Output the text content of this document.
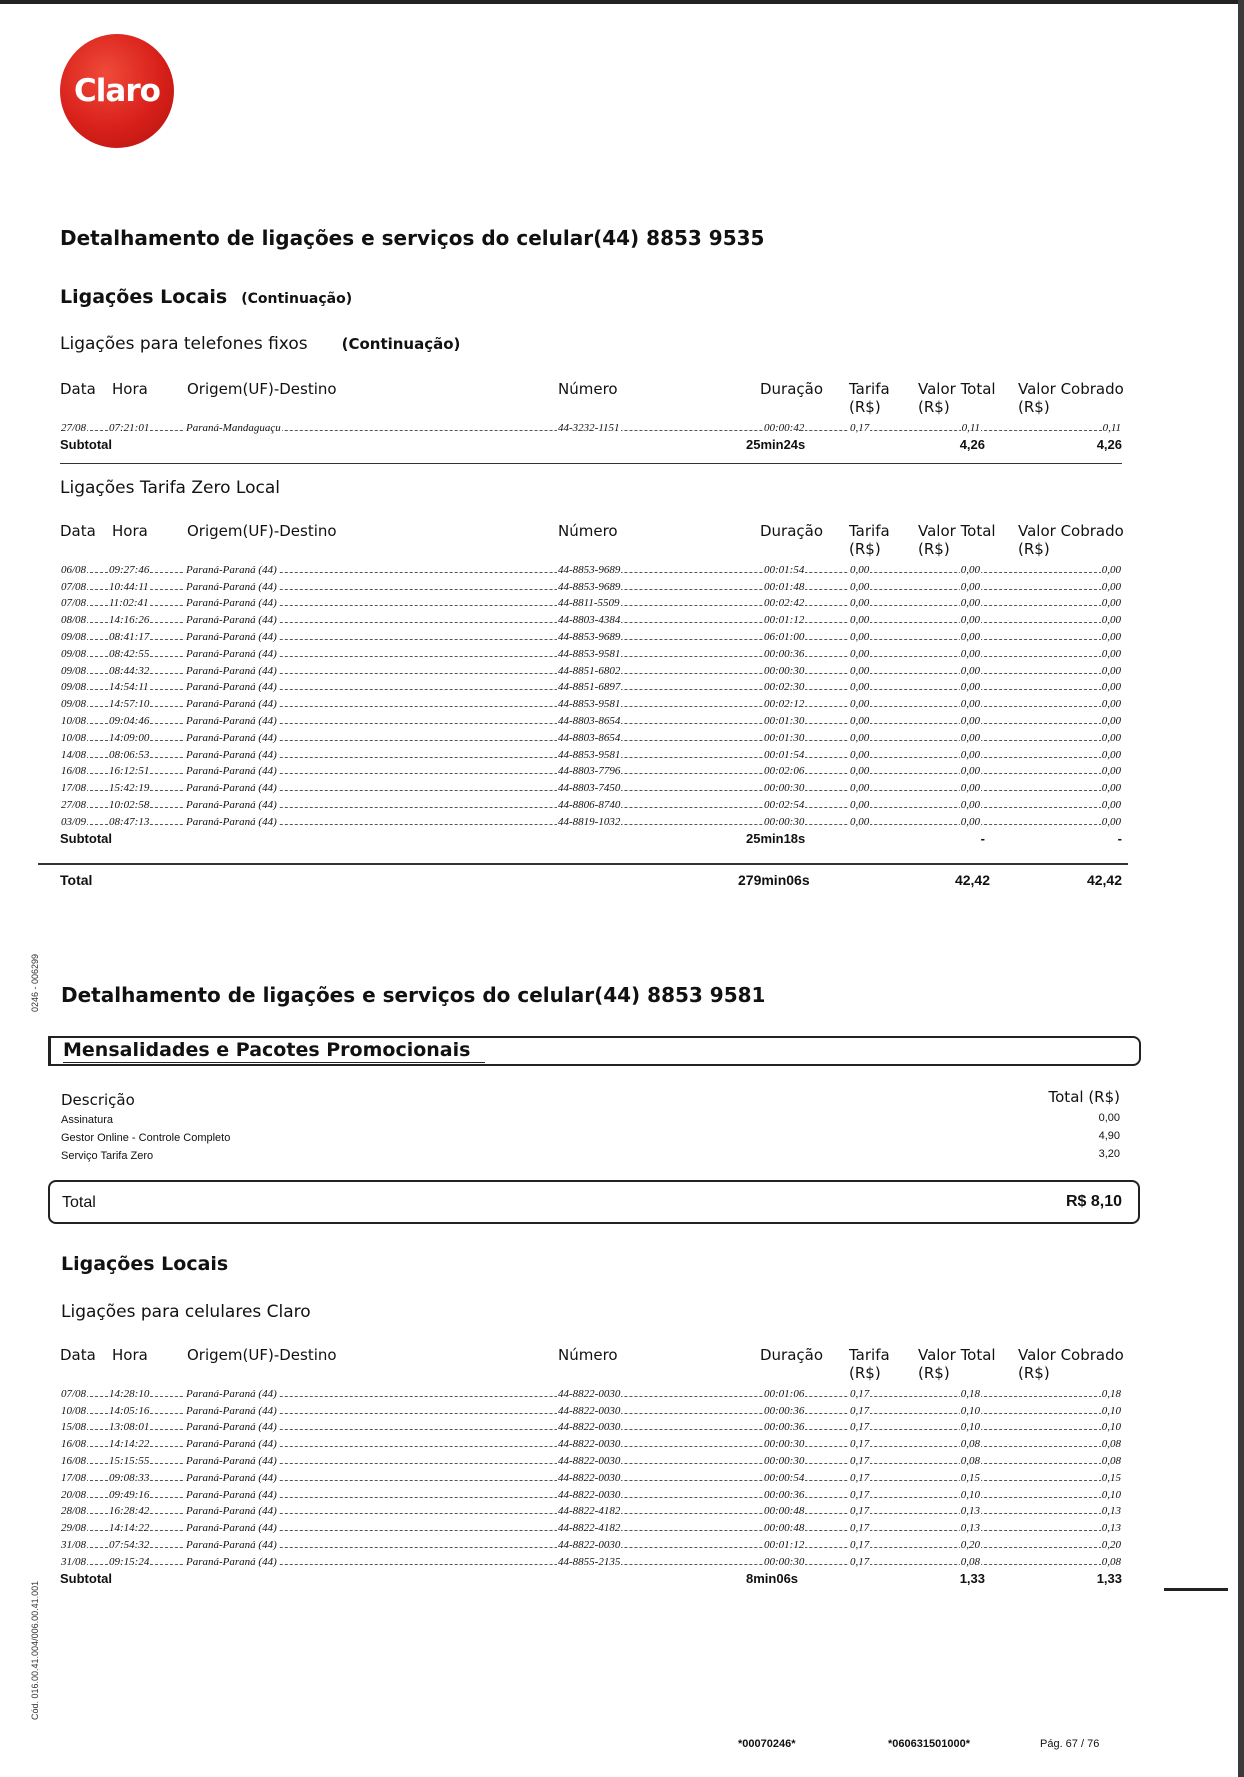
Claro
Detalhamento de ligações e serviços do celular(44) 8853 9535
Ligações Locais (Continuação)
Ligações para telefones fixos (Continuação)
Data Hora	Origem(UF)-Destino	Número	Duração Tarifa (R$)
Valor Total (R$)
Valor Cobrado (R$)
27/08 07:21:01	Paraná-Mandaguaçu	44-3232-1151	00:00:42	0,17	0,11	0,11
Subtotal	25min24s	4,26	4,26
Ligações Tarifa Zero Local
Data Hora	Origem(UF)-Destino	Número	Duração Tarifa (R$)
Valor Total (R$)
Valor Cobrado (R$)
06/08 09:27:46	Paraná-Paraná (44)	44-8853-9689	00:01:54	0,00	0,00	0,00
07/08 10:44:11	Paraná-Paraná (44)	44-8853-9689	00:01:48	0,00	0,00	0,00
07/08 11:02:41	Paraná-Paraná (44)	44-8811-5509	00:02:42	0,00	0,00	0,00
08/08 14:16:26	Paraná-Paraná (44)	44-8803-4384	00:01:12	0,00	0,00	0,00
09/08 08:41:17	Paraná-Paraná (44)	44-8853-9689	06:01:00	0,00	0,00	0,00
09/08 08:42:55	Paraná-Paraná (44)	44-8853-9581	00:00:36	0,00	0,00	0,00
09/08 08:44:32	Paraná-Paraná (44)	44-8851-6802	00:00:30	0,00	0,00	0,00
09/08 14:54:11	Paraná-Paraná (44)	44-8851-6897	00:02:30	0,00	0,00	0,00
09/08 14:57:10	Paraná-Paraná (44)	44-8853-9581	00:02:12	0,00	0,00	0,00
10/08 09:04:46	Paraná-Paraná (44)	44-8803-8654	00:01:30	0,00	0,00	0,00
10/08 14:09:00	Paraná-Paraná (44)	44-8803-8654	00:01:30	0,00	0,00	0,00
14/08 08:06:53	Paraná-Paraná (44)	44-8853-9581	00:01:54	0,00	0,00	0,00
16/08 16:12:51	Paraná-Paraná (44)	44-8803-7796	00:02:06	0,00	0,00	0,00
17/08 15:42:19	Paraná-Paraná (44)	44-8803-7450	00:00:30	0,00	0,00	0,00
27/08 10:02:58	Paraná-Paraná (44)	44-8806-8740	00:02:54	0,00	0,00	0,00
03/09 08:47:13	Paraná-Paraná (44)	44-8819-1032	00:00:30	0,00	0,00	0,00
Subtotal	25min18s	-	-
Total	279min06s	42,42	42,42
Detalhamento de ligações e serviços do celular(44) 8853 9581
Mensalidades e Pacotes Promocionais
Descrição	Total (R$)
Assinatura	0,00
Gestor Online - Controle Completo	4,90
Serviço Tarifa Zero	3,20
Total	R$ 8,10
Ligações Locais
Ligações para celulares Claro
Data Hora	Origem(UF)-Destino	Número	Duração Tarifa (R$)
Valor Total (R$)
Valor Cobrado (R$)
07/08 14:28:10	Paraná-Paraná (44)	44-8822-0030	00:01:06	0,17	0,18	0,18
10/08 14:05:16	Paraná-Paraná (44)	44-8822-0030	00:00:36	0,17	0,10	0,10
15/08 13:08:01	Paraná-Paraná (44)	44-8822-0030	00:00:36	0,17	0,10	0,10
16/08 14:14:22	Paraná-Paraná (44)	44-8822-0030	00:00:30	0,17	0,08	0,08
16/08 15:15:55	Paraná-Paraná (44)	44-8822-0030	00:00:30	0,17	0,08	0,08
17/08 09:08:33	Paraná-Paraná (44)	44-8822-0030	00:00:54	0,17	0,15	0,15
20/08 09:49:16	Paraná-Paraná (44)	44-8822-0030	00:00:36	0,17	0,10	0,10
28/08 16:28:42	Paraná-Paraná (44)	44-8822-4182	00:00:48	0,17	0,13	0,13
29/08 14:14:22	Paraná-Paraná (44)	44-8822-4182	00:00:48	0,17	0,13	0,13
31/08 07:54:32	Paraná-Paraná (44)	44-8822-0030	00:01:12	0,17	0,20	0,20
31/08 09:15:24	Paraná-Paraná (44)	44-8855-2135	00:00:30	0,17	0,08	0,08
Subtotal	8min06s	1,33	1,33
0246 - 006299
Cód. 016.00.41.004/006.00.41.001
*00070246*	*060631501000*	Pág. 67 / 76
